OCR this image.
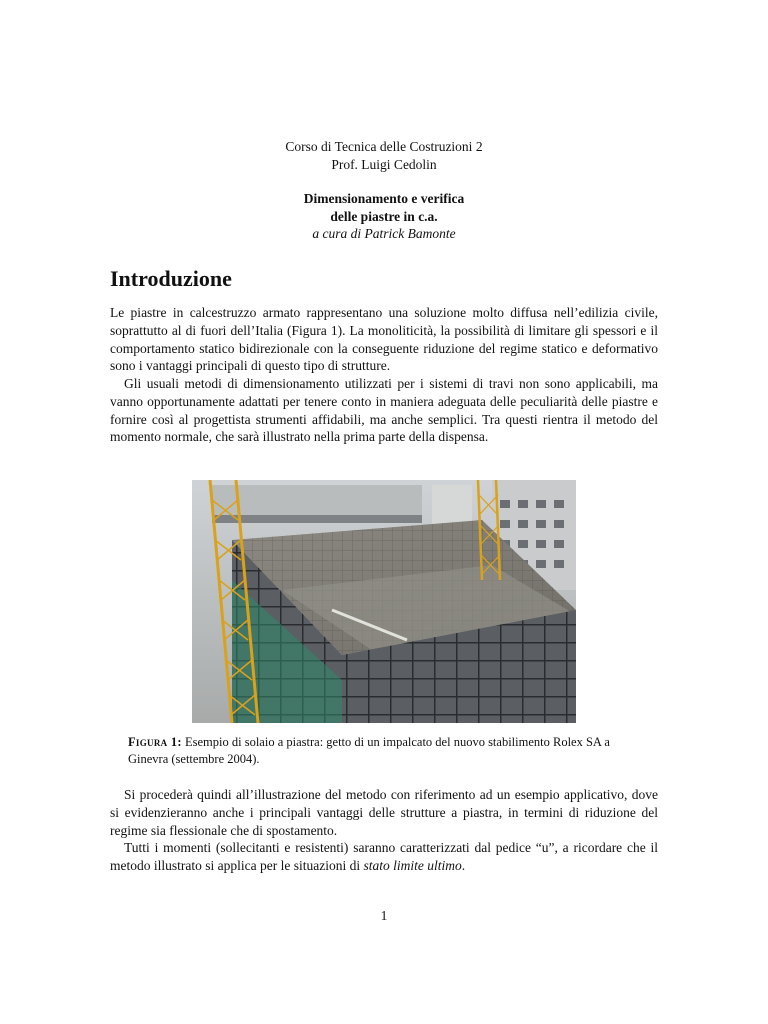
Corso di Tecnica delle Costruzioni 2
Prof. Luigi Cedolin
Dimensionamento e verifica
delle piastre in c.a.
a cura di Patrick Bamonte
Introduzione

Le piastre in calcestruzzo armato rappresentano una soluzione molto diffusa nell’edilizia civile, soprattutto al di fuori dell’Italia (Figura 1). La monoliticità, la possibilità di limitare gli spessori e il comportamento statico bidirezionale con la conseguente riduzione del regime statico e deformativo sono i vantaggi principali di questo tipo di strutture.

Gli usuali metodi di dimensionamento utilizzati per i sistemi di travi non sono applicabili, ma vanno opportunamente adattati per tenere conto in maniera adeguata delle peculiarità delle piastre e fornire così al progettista strumenti affidabili, ma anche semplici. Tra questi rientra il metodo del momento normale, che sarà illustrato nella prima parte della dispensa.

Figura 1: Esempio di solaio a piastra: getto di un impalcato del nuovo stabilimento Rolex SA a Ginevra (settembre 2004).

Si procederà quindi all’illustrazione del metodo con riferimento ad un esempio applicativo, dove si evidenzieranno anche i principali vantaggi delle strutture a piastra, in termini di riduzione del regime sia flessionale che di spostamento.

Tutti i momenti (sollecitanti e resistenti) saranno caratterizzati dal pedice “u”, a ricordare che il metodo illustrato si applica per le situazioni di stato limite ultimo.

1
